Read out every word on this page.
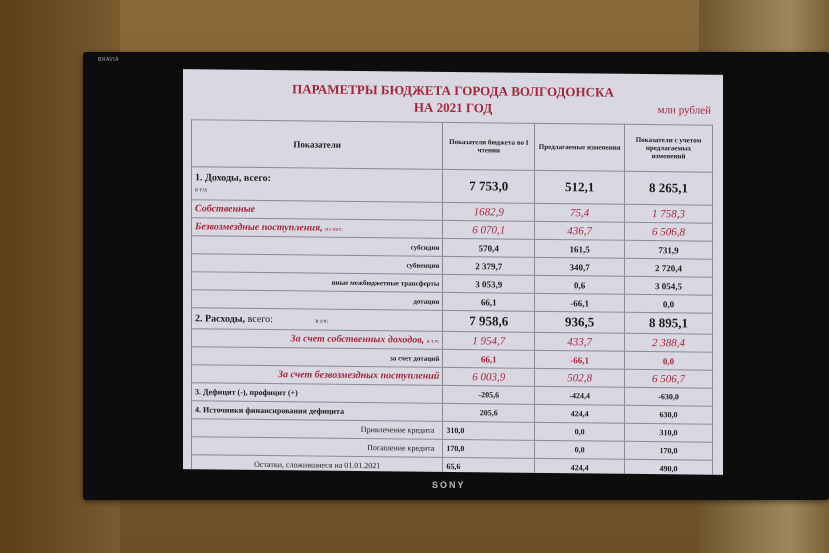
BRAVIA
SONY
ПАРАМЕТРЫ БЮДЖЕТА ГОРОДА ВОЛГОДОНСКА
НА 2021 ГОД	млн рублей
Показатели	Показатели бюджета во I чтении	Предлагаемые изменения	Показатели с учетом предлагаемых изменений
1. Доходы, всего:
в т.ч:	7 753,0	512,1	8 265,1
Собственные	1682,9	75,4	1 758,3
Безвозмездные поступления, из них:	6 070,1	436,7	6 506,8
субсидии	570,4	161,5	731,9
субвенции	2 379,7	340,7	2 720,4
иные межбюджетные трансферты	3 053,9	0,6	3 054,5
дотации	66,1	-66,1	0,0
2. Расходы, всего: в т.ч:	7 958,6	936,5	8 895,1
За счет собственных доходов, в т.ч:	1 954,7	433,7	2 388,4
за счет дотаций	66,1	-66,1	0,0
За счет безвозмездных поступлений	6 003,9	502,8	6 506,7
3. Дефицит (-), профицит (+)	-205,6	-424,4	-630,0
4. Источники финансирования дефицита	205,6	424,4	630,0
Привлечение кредита	310,0	0,0	310,0
Погашение кредита	170,0	0,0	170,0
Остатки, сложившиеся на 01.01.2021	65,6	424,4	490,0
